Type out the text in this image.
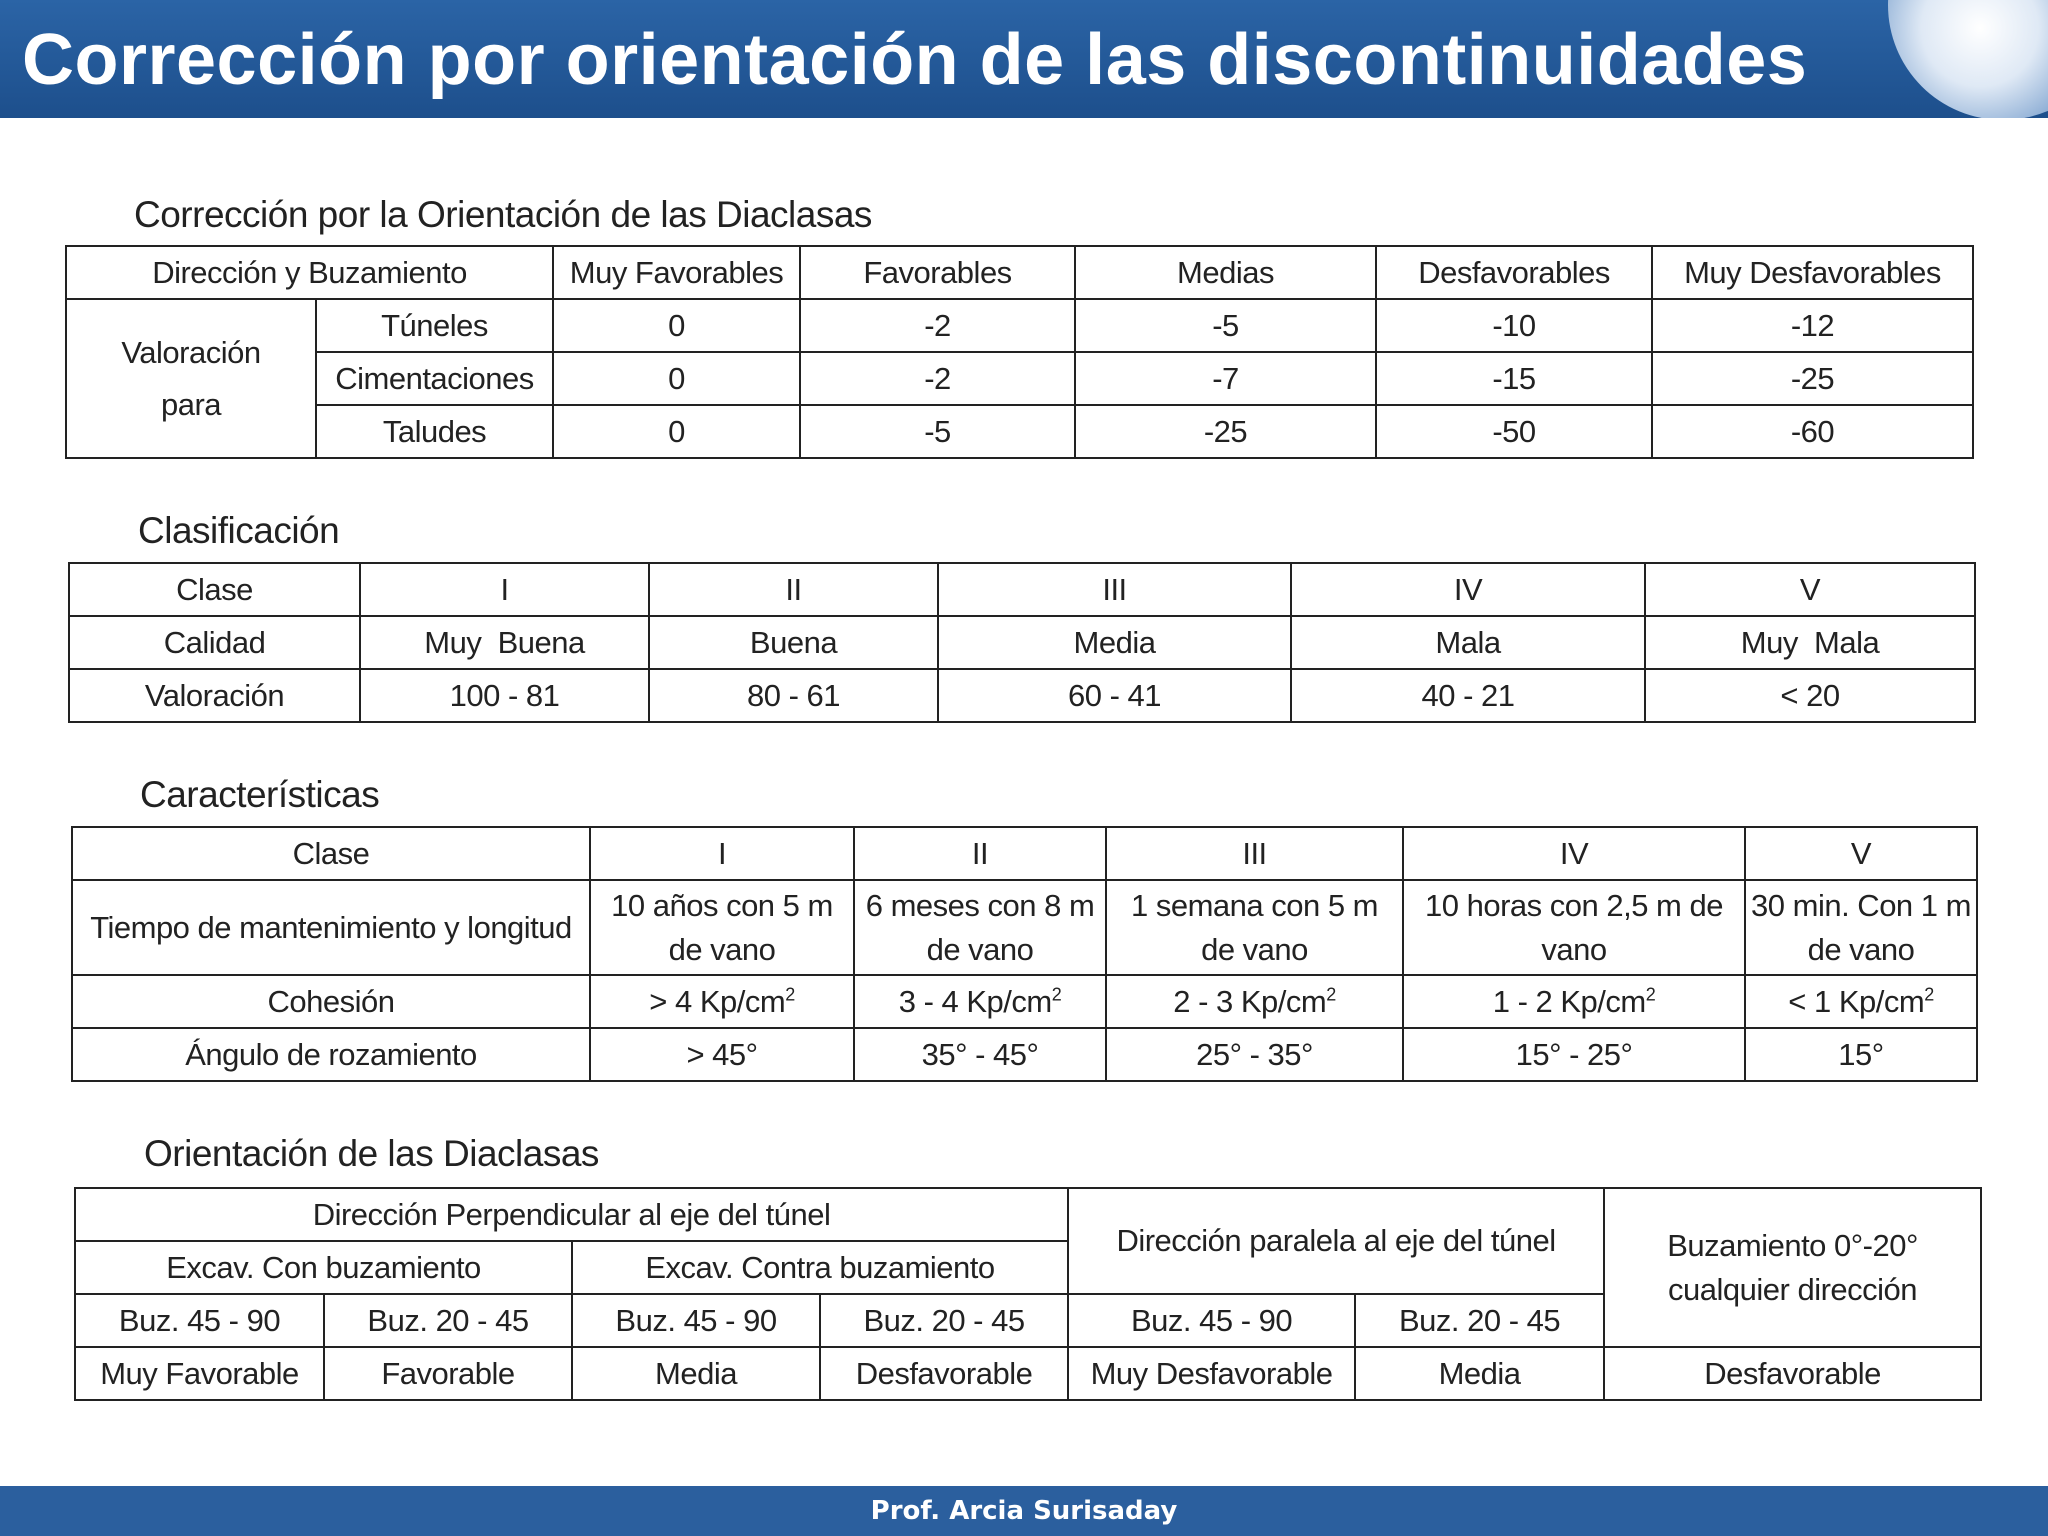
Corrección por orientación de las discontinuidades
Corrección por la Orientación de las Diaclasas
Dirección y Buzamiento		Muy Favorables	Favorables	Medias	Desfavorables	Muy Desfavorables
Valoración
para	Túneles	0	-2	-5	-10	-12
	Cimentaciones	0	-2	-7	-15	-25
	Taludes	0	-5	-25	-50	-60
Clasificación
Clase	I	II	III	IV	V
Calidad	Muy  Buena	Buena	Media	Mala	Muy  Mala
Valoración	100 - 81	80 - 61	60 - 41	40 - 21	< 20
Características
Clase	I	II	III	IV	V
Tiempo de mantenimiento y longitud	10 años con 5 m de vano	6 meses con 8 m de vano	1 semana con 5 m de vano	10 horas con 2,5 m de vano	30 min. Con 1 m de vano
Cohesión	> 4 $Kp/cm^2$	3 - 4 $Kp/cm^2$	2 - 3 $Kp/cm^2$	1 - 2 $Kp/cm^2$	< 1 $Kp/cm^2$
Ángulo de rozamiento	> 45°	35° - 45°	25° - 35°	15° - 25°	15°
Orientación de las Diaclasas
Dirección Perpendicular al eje del túnel				Dirección paralela al eje del túnel		Buzamiento 0°-20° cualquier dirección
Excav. Con buzamiento		Excav. Contra buzamiento				
Buz. 45 - 90	Buz. 20 - 45	Buz. 45 - 90	Buz. 20 - 45	Buz. 45 - 90	Buz. 20 - 45	
Muy Favorable	Favorable	Media	Desfavorable	Muy Desfavorable	Media	Desfavorable
Prof. Arcia Surisaday
